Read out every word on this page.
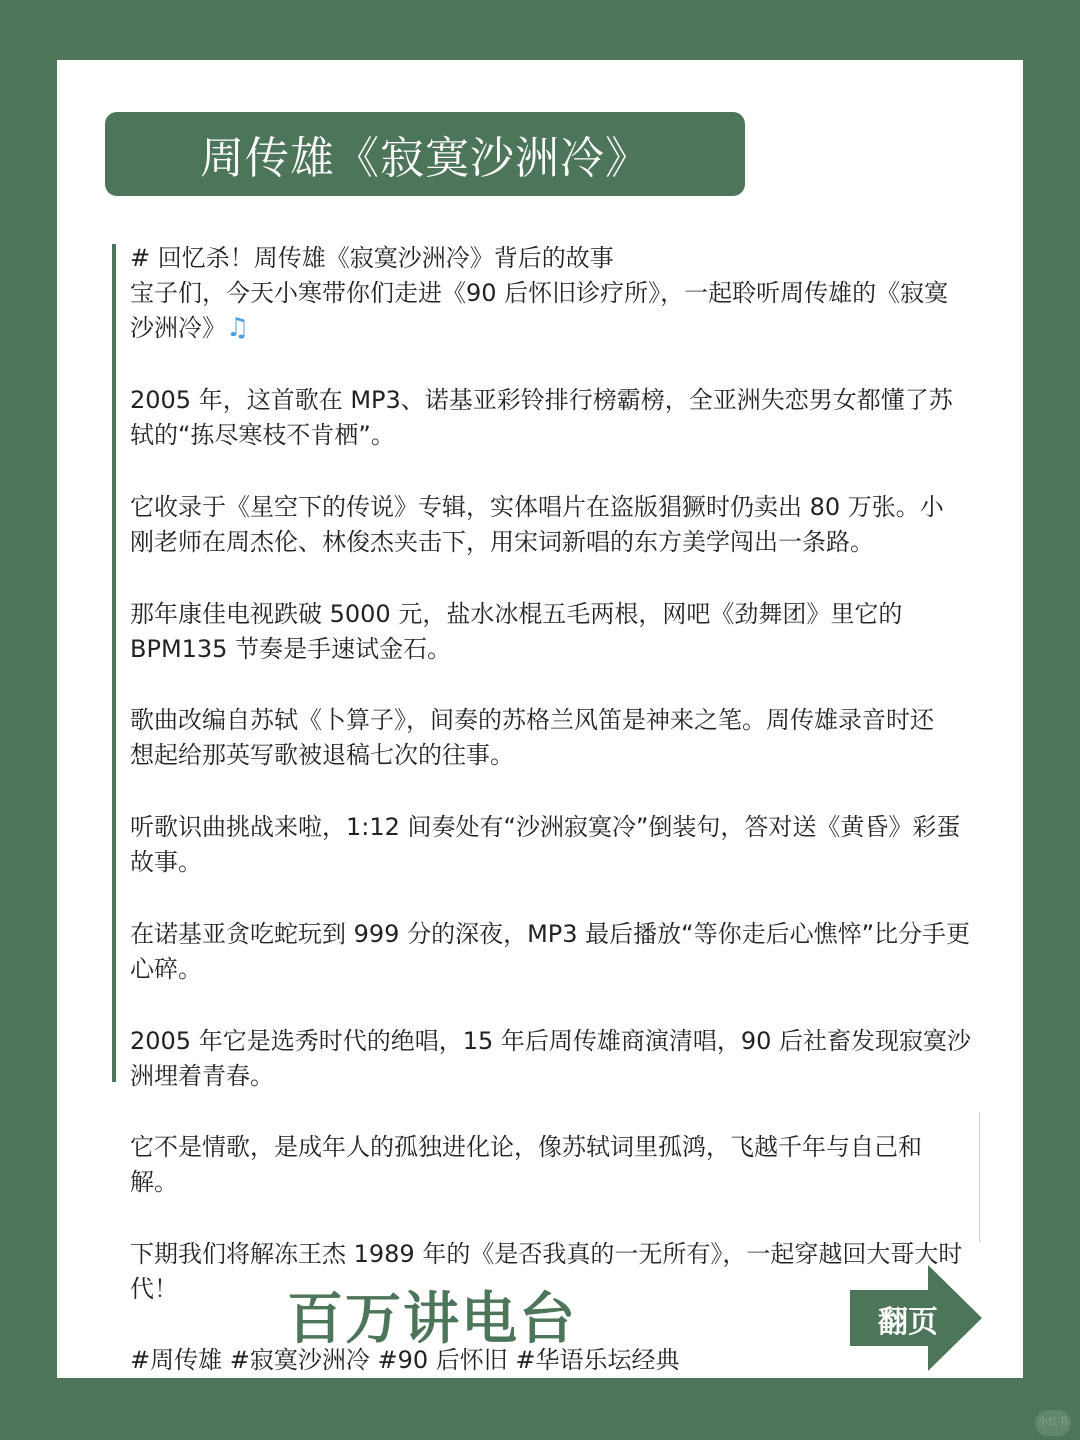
周传雄《寂寞沙洲冷》
# 回忆杀！周传雄《寂寞沙洲冷》背后的故事
宝子们，今天小寒带你们走进《90 后怀旧诊疗所》，一起聆听周传雄的《寂寞
沙洲冷》♫
2005 年，这首歌在 MP3、诺基亚彩铃排行榜霸榜，全亚洲失恋男女都懂了苏
轼的“拣尽寒枝不肯栖”。
它收录于《星空下的传说》专辑，实体唱片在盗版猖獗时仍卖出 80 万张。小
刚老师在周杰伦、林俊杰夹击下，用宋词新唱的东方美学闯出一条路。
那年康佳电视跌破 5000 元，盐水冰棍五毛两根，网吧《劲舞团》里它的
BPM135 节奏是手速试金石。
歌曲改编自苏轼《卜算子》，间奏的苏格兰风笛是神来之笔。周传雄录音时还
想起给那英写歌被退稿七次的往事。
听歌识曲挑战来啦，1:12 间奏处有“沙洲寂寞冷”倒装句，答对送《黄昏》彩蛋
故事。
在诺基亚贪吃蛇玩到 999 分的深夜，MP3 最后播放“等你走后心憔悴”比分手更
心碎。
2005 年它是选秀时代的绝唱，15 年后周传雄商演清唱，90 后社畜发现寂寞沙
洲埋着青春。
它不是情歌，是成年人的孤独进化论，像苏轼词里孤鸿，飞越千年与自己和
解。
下期我们将解冻王杰 1989 年的《是否我真的一无所有》，一起穿越回大哥大时
代！	百万讲电台	翻页
#周传雄 #寂寞沙洲冷 #90 后怀旧 #华语乐坛经典
小红书
